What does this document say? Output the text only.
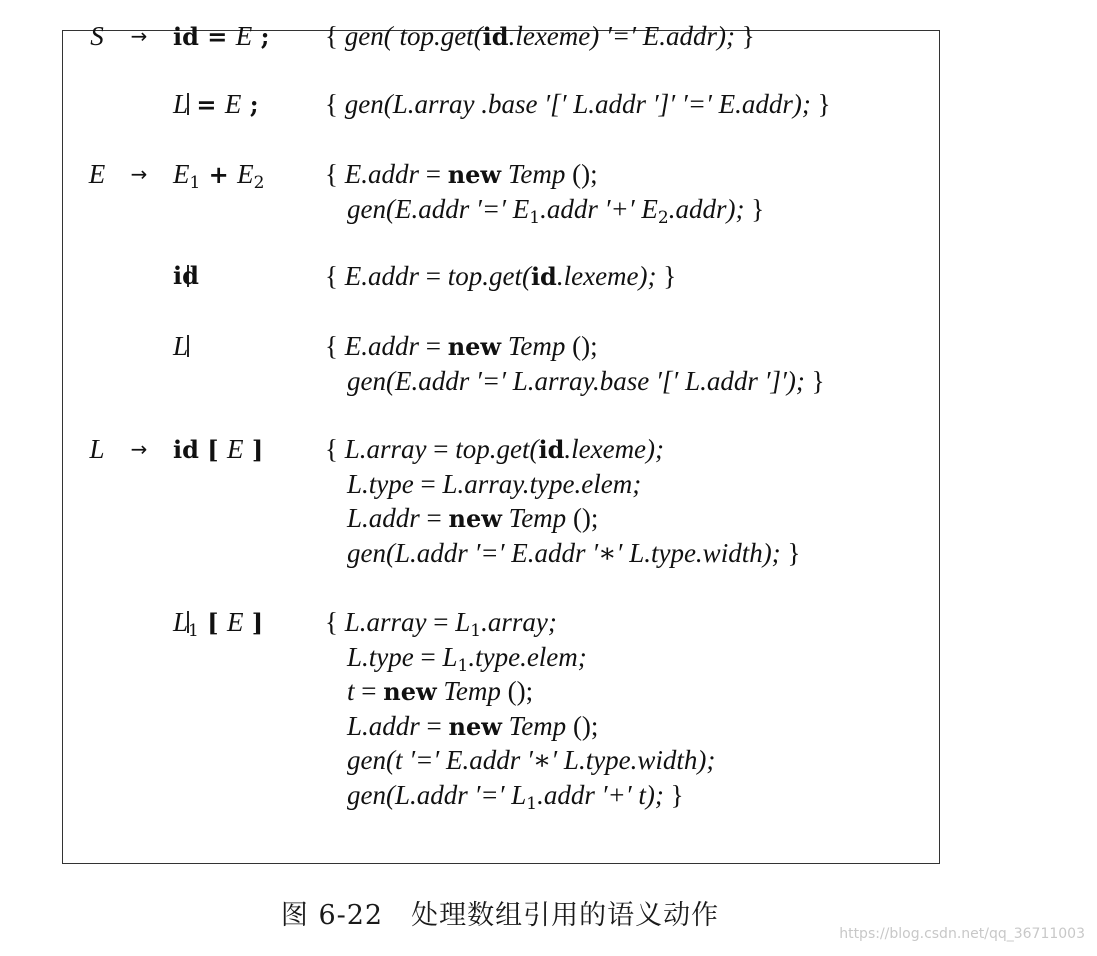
S	→	id = E ; { gen( top.get(id.lexeme) ′=′ E.addr); }
L = E ; { gen(L.array .base ′[′ L.addr ′]′ ′=′ E.addr); }
E	→ $E_1 + E_2$ { E.addr = new Temp ();
gen(E.addr ′=′ $E_1.addr$ ′+′ $E_2.addr$); }
id	{ E.addr = top.get(id.lexeme); }
L	{ E.addr = new Temp ();
gen(E.addr ′=′ L.array.base ′[′ L.addr ′]′); }
L	→	id [ E ] { L.array = top.get(id.lexeme);
L.type = L.array.type.elem;
L.addr = new Temp ();
gen(L.addr ′=′ E.addr ′∗′ L.type.width); }
$L_1$ [ E ] { L.array = $L_1.array$;
L.type = $L_1.type.elem$;
t = new Temp ();
L.addr = new Temp ();
gen(t ′=′ E.addr ′∗′ L.type.width);
gen(L.addr ′=′ $L_1.addr$ ′+′ t); }
图 6-22　处理数组引用的语义动作
https://blog.csdn.net/qq_36711003
